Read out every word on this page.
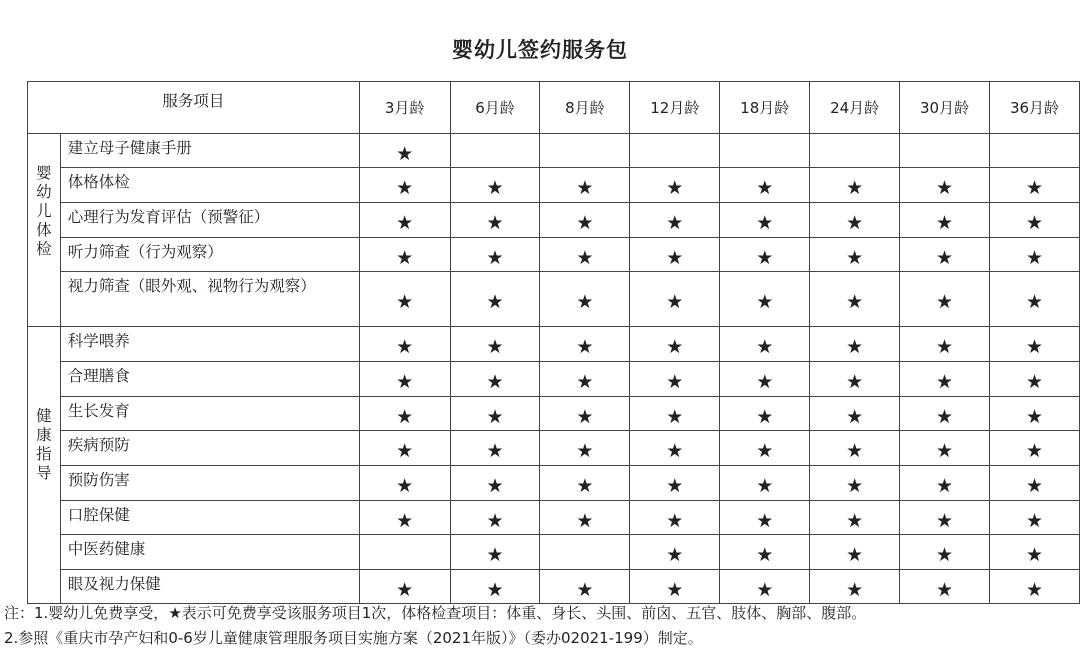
婴幼儿签约服务包
服务项目		3月龄	6月龄	8月龄	12月龄	18月龄	24月龄	30月龄	36月龄
婴幼儿体检	建立母子健康手册	★							
	体格体检	★	★	★	★	★	★	★	★
	心理行为发育评估（预警征）	★	★	★	★	★	★	★	★
	听力筛查（行为观察）	★	★	★	★	★	★	★	★
	视力筛查（眼外观、视物行为观察）	★	★	★	★	★	★	★	★
健康指导	科学喂养	★	★	★	★	★	★	★	★
	合理膳食	★	★	★	★	★	★	★	★
	生长发育	★	★	★	★	★	★	★	★
	疾病预防	★	★	★	★	★	★	★	★
	预防伤害	★	★	★	★	★	★	★	★
	口腔保健	★	★	★	★	★	★	★	★
	中医药健康		★		★	★	★	★	★
	眼及视力保健	★	★	★	★	★	★	★	★
注：1.婴幼儿免费享受，★表示可免费享受该服务项目1次，体格检查项目：体重、身长、头围、前囟、五官、肢体、胸部、腹部。
2.参照《重庆市孕产妇和0-6岁儿童健康管理服务项目实施方案（2021年版）》（委办02021-199）制定。
